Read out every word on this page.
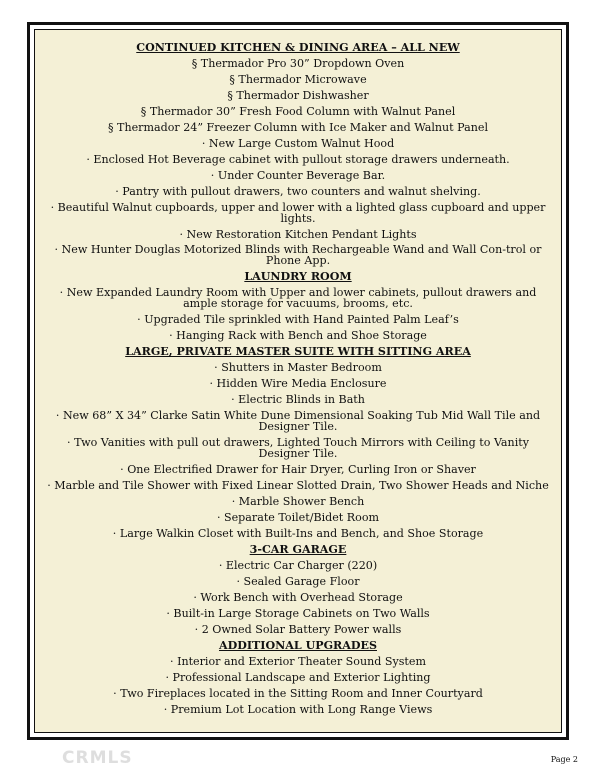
CONTINUED KITCHEN & DINING AREA – ALL NEW
§ Thermador Pro 30” Dropdown Oven
§ Thermador Microwave
§ Thermador Dishwasher
§ Thermador 30” Fresh Food Column with Walnut Panel
§ Thermador 24” Freezer Column with Ice Maker and Walnut Panel
· New Large Custom Walnut Hood
· Enclosed Hot Beverage cabinet with pullout storage drawers underneath.
· Under Counter Beverage Bar.
· Pantry with pullout drawers, two counters and walnut shelving.
· Beautiful Walnut cupboards, upper and lower with a lighted glass cupboard and upper lights.
· New Restoration Kitchen Pendant Lights
· New Hunter Douglas Motorized Blinds with Rechargeable Wand and Wall Con-trol or Phone App.
LAUNDRY ROOM
· New Expanded Laundry Room with Upper and lower cabinets, pullout drawers and ample storage for vacuums, brooms, etc.
· Upgraded Tile sprinkled with Hand Painted Palm Leaf’s
· Hanging Rack with Bench and Shoe Storage
LARGE, PRIVATE MASTER SUITE WITH SITTING AREA
· Shutters in Master Bedroom
· Hidden Wire Media Enclosure
· Electric Blinds in Bath
· New 68” X 34” Clarke Satin White Dune Dimensional Soaking Tub Mid Wall Tile and Designer Tile.
· Two Vanities with pull out drawers, Lighted Touch Mirrors with Ceiling to Vanity Designer Tile.
· One Electrified Drawer for Hair Dryer, Curling Iron or Shaver
· Marble and Tile Shower with Fixed Linear Slotted Drain, Two Shower Heads and Niche
· Marble Shower Bench
· Separate Toilet/Bidet Room
· Large Walkin Closet with Built-Ins and Bench, and Shoe Storage
3-CAR GARAGE
· Electric Car Charger (220)
· Sealed Garage Floor
· Work Bench with Overhead Storage
· Built-in Large Storage Cabinets on Two Walls
· 2 Owned Solar Battery Power walls
ADDITIONAL UPGRADES
· Interior and Exterior Theater Sound System
· Professional Landscape and Exterior Lighting
· Two Fireplaces located in the Sitting Room and Inner Courtyard
· Premium Lot Location with Long Range Views
CRMLS	Page 2
